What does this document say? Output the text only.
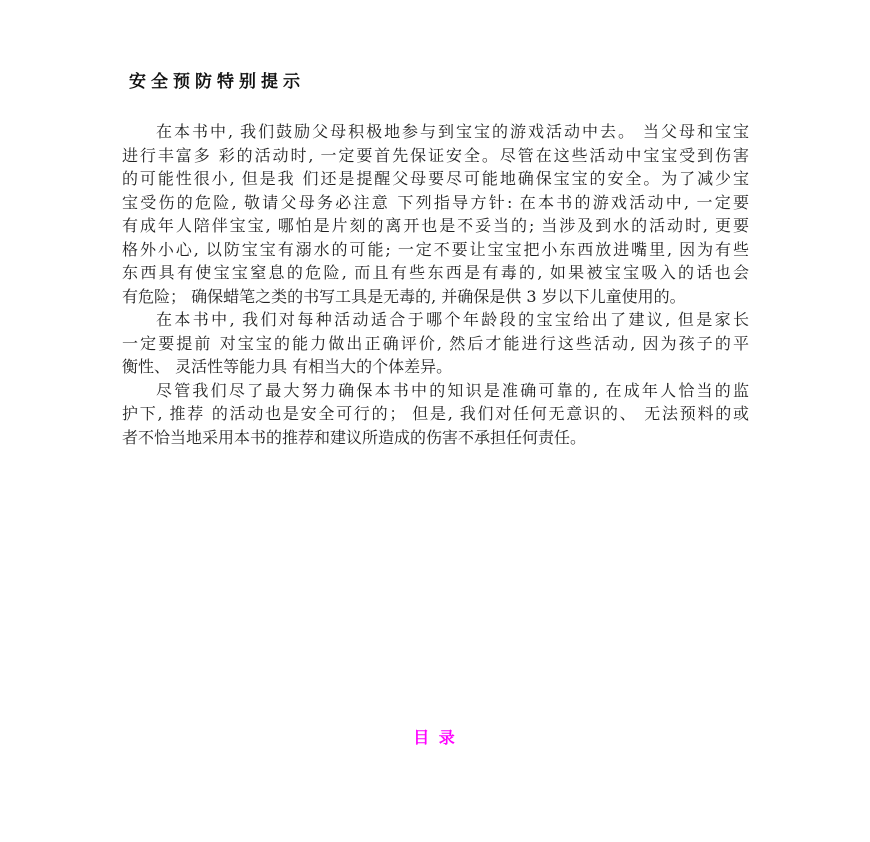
安全预防特别提示
在本书中, 我们鼓励父母积极地参与到宝宝的游戏活动中去。 当父母和宝宝
进行丰富多 彩的活动时, 一定要首先保证安全。尽管在这些活动中宝宝受到伤害
的可能性很小, 但是我 们还是提醒父母要尽可能地确保宝宝的安全。为了减少宝
宝受伤的危险, 敬请父母务必注意 下列指导方针: 在本书的游戏活动中, 一定要
有成年人陪伴宝宝, 哪怕是片刻的离开也是不妥当的; 当涉及到水的活动时, 更要
格外小心, 以防宝宝有溺水的可能; 一定不要让宝宝把小东西放进嘴里, 因为有些
东西具有使宝宝窒息的危险, 而且有些东西是有毒的, 如果被宝宝吸入的话也会
有危险； 确保蜡笔之类的书写工具是无毒的, 并确保是供 3 岁以下儿童使用的。
在本书中, 我们对每种活动适合于哪个年龄段的宝宝给出了建议, 但是家长
一定要提前 对宝宝的能力做出正确评价, 然后才能进行这些活动, 因为孩子的平
衡性、 灵活性等能力具 有相当大的个体差异。
尽管我们尽了最大努力确保本书中的知识是准确可靠的, 在成年人恰当的监
护下, 推荐 的活动也是安全可行的； 但是, 我们对任何无意识的、 无法预料的或
者不恰当地采用本书的推荐和建议所造成的伤害不承担任何责任。
目 录
